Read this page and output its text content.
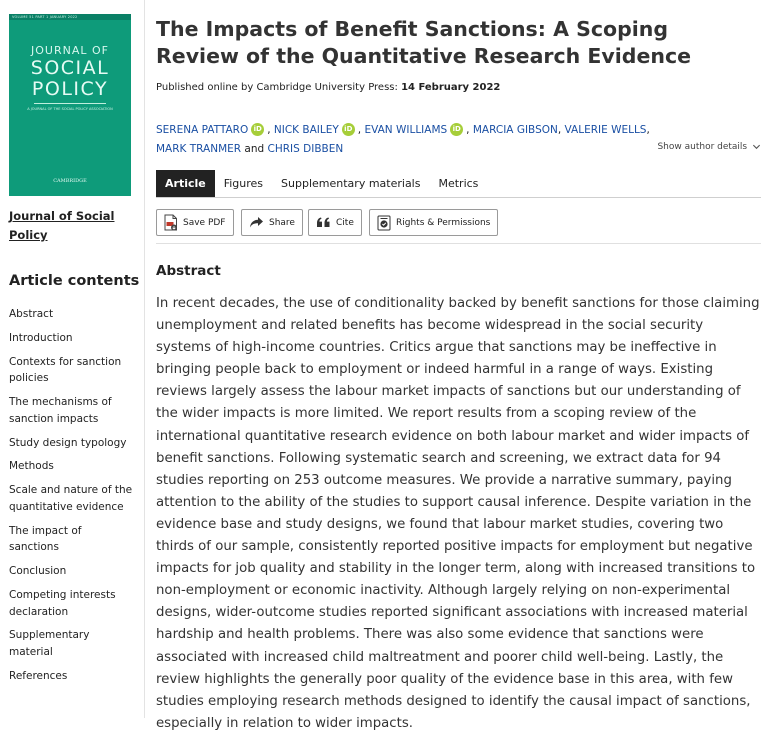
VOLUME 51 PART 1 JANUARY 2022
JOURNAL OF
SOCIAL
POLICY
A JOURNAL OF THE SOCIAL POLICY ASSOCIATION
CAMBRIDGE
Journal of Social Policy
Article contents
Abstract
Introduction
Contexts for sanction policies
The mechanisms of sanction impacts
Study design typology
Methods
Scale and nature of the quantitative evidence
The impact of sanctions
Conclusion
Competing interests declaration
Supplementary material
References
The Impacts of Benefit Sanctions: A Scoping Review of the Quantitative Research Evidence
Published online by Cambridge University Press: 14 February 2022
SERENA PATTARO iD , NICK BAILEY iD , EVAN WILLIAMS iD , MARCIA GIBSON, VALERIE WELLS,
MARK TRANMER and CHRIS DIBBEN	Show author details
Article	Figures	Supplementary materials	Metrics
Save PDF	Share	Cite	Rights & Permissions
Abstract

In recent decades, the use of conditionality backed by benefit sanctions for those claiming unemployment and related benefits has become widespread in the social security systems of high-income countries. Critics argue that sanctions may be ineffective in bringing people back to employment or indeed harmful in a range of ways. Existing reviews largely assess the labour market impacts of sanctions but our understanding of the wider impacts is more limited. We report results from a scoping review of the international quantitative research evidence on both labour market and wider impacts of benefit sanctions. Following systematic search and screening, we extract data for 94 studies reporting on 253 outcome measures. We provide a narrative summary, paying attention to the ability of the studies to support causal inference. Despite variation in the evidence base and study designs, we found that labour market studies, covering two thirds of our sample, consistently reported positive impacts for employment but negative impacts for job quality and stability in the longer term, along with increased transitions to non-employment or economic inactivity. Although largely relying on non-experimental designs, wider-outcome studies reported significant associations with increased material hardship and health problems. There was also some evidence that sanctions were associated with increased child maltreatment and poorer child well-being. Lastly, the review highlights the generally poor quality of the evidence base in this area, with few studies employing research methods designed to identify the causal impact of sanctions, especially in relation to wider impacts.
